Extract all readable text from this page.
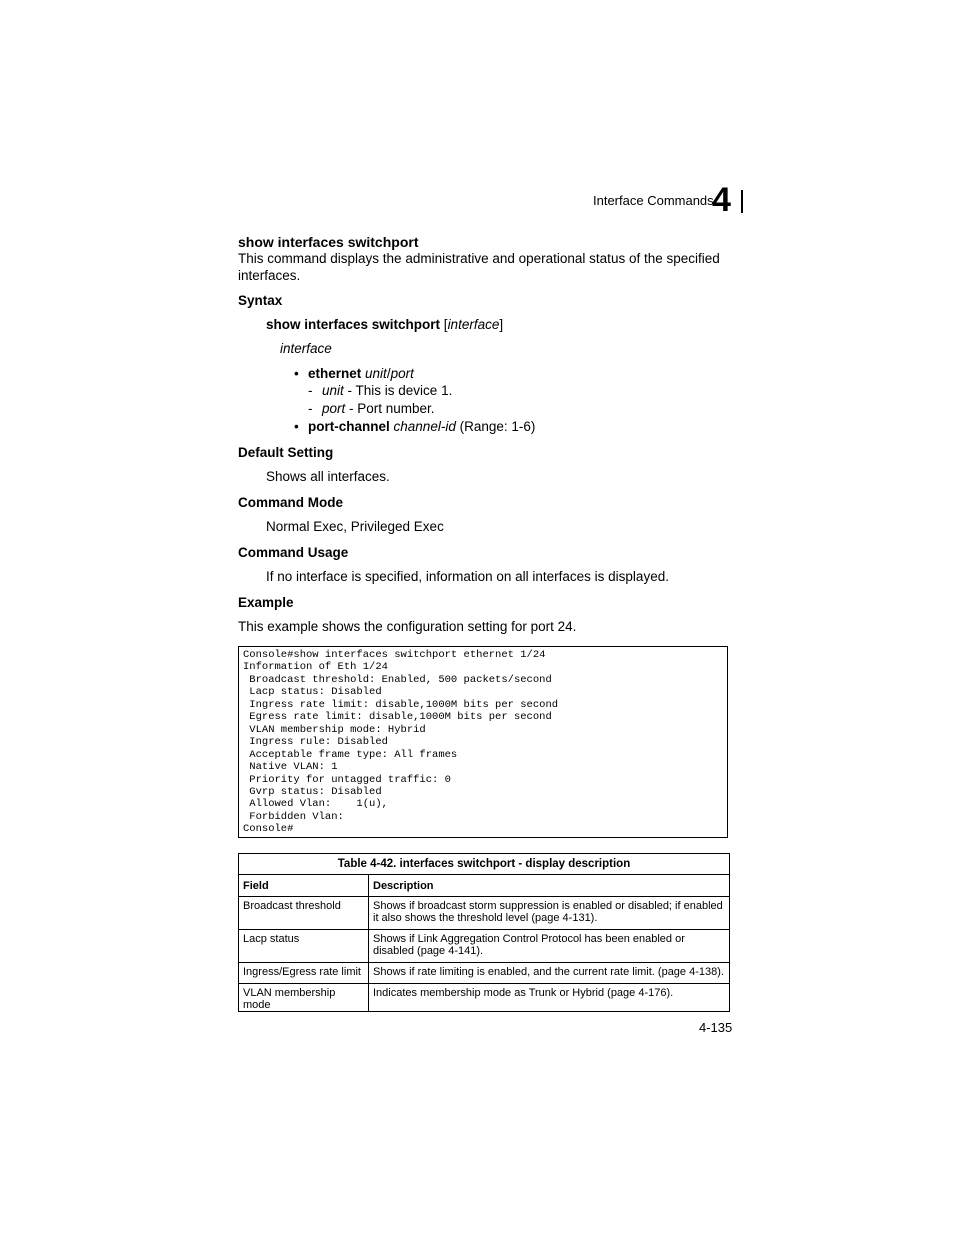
Interface Commands
4
show interfaces switchport
This command displays the administrative and operational status of the specified interfaces.
Syntax
show interfaces switchport [interface]
interface
• ethernet unit/port
- unit - This is device 1.
- port - Port number.
• port-channel channel-id (Range: 1-6)
Default Setting
Shows all interfaces.
Command Mode
Normal Exec, Privileged Exec
Command Usage
If no interface is specified, information on all interfaces is displayed.
Example
This example shows the configuration setting for port 24.
Console#show interfaces switchport ethernet 1/24
Information of Eth 1/24
Broadcast threshold: Enabled, 500 packets/second
Lacp status: Disabled
Ingress rate limit: disable,1000M bits per second
Egress rate limit: disable,1000M bits per second
VLAN membership mode: Hybrid
Ingress rule: Disabled
Acceptable frame type: All frames
Native VLAN: 1
Priority for untagged traffic: 0
Gvrp status: Disabled
Allowed Vlan:    1(u),
Forbidden Vlan:
Console#
Table 4-42. interfaces switchport - display description	
Field	Description
Broadcast threshold	Shows if broadcast storm suppression is enabled or disabled; if enabled it also shows the threshold level (page 4-131).
Lacp status	Shows if Link Aggregation Control Protocol has been enabled or disabled (page 4-141).
Ingress/Egress rate limit	Shows if rate limiting is enabled, and the current rate limit. (page 4-138).
VLAN membership mode	Indicates membership mode as Trunk or Hybrid (page 4-176).
4-135
